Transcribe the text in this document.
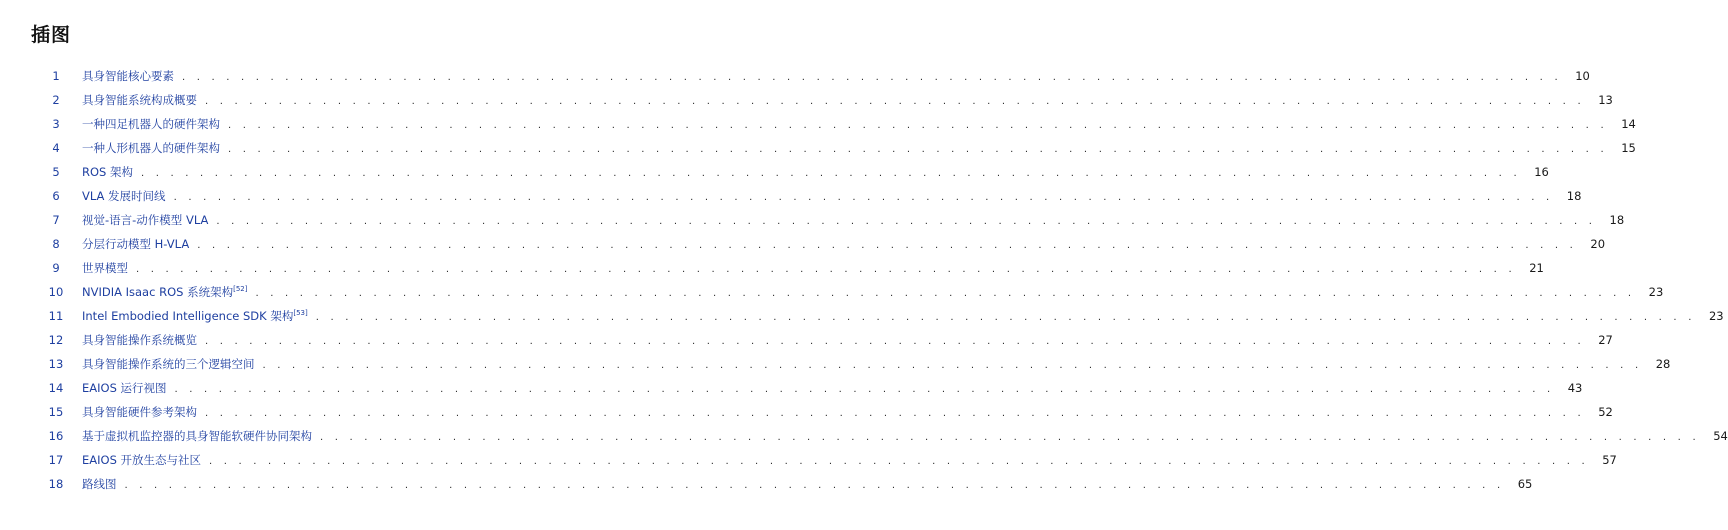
插图
1	具身智能核心要素 . . . . . . . . . . . . . . . . . . . . . . . . . . . . . . . . . . . . . . . . . . . . . . . . . . . . . . . . . . . . . . . . . . . . . . . . . . . . . . . . . . . . . . . . . . . . . .	10
2	具身智能系统构成概要 . . . . . . . . . . . . . . . . . . . . . . . . . . . . . . . . . . . . . . . . . . . . . . . . . . . . . . . . . . . . . . . . . . . . . . . . . . . . . . . . . . . . . . . . . . . . . .	13
3	一种四足机器人的硬件架构 . . . . . . . . . . . . . . . . . . . . . . . . . . . . . . . . . . . . . . . . . . . . . . . . . . . . . . . . . . . . . . . . . . . . . . . . . . . . . . . . . . . . . . . . . . . . . .	14
4	一种人形机器人的硬件架构 . . . . . . . . . . . . . . . . . . . . . . . . . . . . . . . . . . . . . . . . . . . . . . . . . . . . . . . . . . . . . . . . . . . . . . . . . . . . . . . . . . . . . . . . . . . . . .	15
5	ROS 架构 . . . . . . . . . . . . . . . . . . . . . . . . . . . . . . . . . . . . . . . . . . . . . . . . . . . . . . . . . . . . . . . . . . . . . . . . . . . . . . . . . . . . . . . . . . . . . .	16
6	VLA 发展时间线 . . . . . . . . . . . . . . . . . . . . . . . . . . . . . . . . . . . . . . . . . . . . . . . . . . . . . . . . . . . . . . . . . . . . . . . . . . . . . . . . . . . . . . . . . . . . . .	18
7	视觉-语言-动作模型 VLA . . . . . . . . . . . . . . . . . . . . . . . . . . . . . . . . . . . . . . . . . . . . . . . . . . . . . . . . . . . . . . . . . . . . . . . . . . . . . . . . . . . . . . . . . . . . . .	18
8	分层行动模型 H-VLA . . . . . . . . . . . . . . . . . . . . . . . . . . . . . . . . . . . . . . . . . . . . . . . . . . . . . . . . . . . . . . . . . . . . . . . . . . . . . . . . . . . . . . . . . . . . . .	20
9	世界模型 . . . . . . . . . . . . . . . . . . . . . . . . . . . . . . . . . . . . . . . . . . . . . . . . . . . . . . . . . . . . . . . . . . . . . . . . . . . . . . . . . . . . . . . . . . . . . .	21
10 NVIDIA Isaac ROS 系统架构[52] . . . . . . . . . . . . . . . . . . . . . . . . . . . . . . . . . . . . . . . . . . . . . . . . . . . . . . . . . . . . . . . . . . . . . . . . . . . . . . . . . . . . . . . . . . . . . .	23
11 Intel Embodied Intelligence SDK 架构[53] . . . . . . . . . . . . . . . . . . . . . . . . . . . . . . . . . . . . . . . . . . . . . . . . . . . . . . . . . . . . . . . . . . . . . . . . . . . . . . . . . . . . . . . . . . . . . .	23
12 具身智能操作系统概览 . . . . . . . . . . . . . . . . . . . . . . . . . . . . . . . . . . . . . . . . . . . . . . . . . . . . . . . . . . . . . . . . . . . . . . . . . . . . . . . . . . . . . . . . . . . . . .	27
13 具身智能操作系统的三个逻辑空间 . . . . . . . . . . . . . . . . . . . . . . . . . . . . . . . . . . . . . . . . . . . . . . . . . . . . . . . . . . . . . . . . . . . . . . . . . . . . . . . . . . . . . . . . . . . . . .	28
14 EAIOS 运行视图 . . . . . . . . . . . . . . . . . . . . . . . . . . . . . . . . . . . . . . . . . . . . . . . . . . . . . . . . . . . . . . . . . . . . . . . . . . . . . . . . . . . . . . . . . . . . . .	43
15 具身智能硬件参考架构 . . . . . . . . . . . . . . . . . . . . . . . . . . . . . . . . . . . . . . . . . . . . . . . . . . . . . . . . . . . . . . . . . . . . . . . . . . . . . . . . . . . . . . . . . . . . . .	52
16 基于虚拟机监控器的具身智能软硬件协同架构 . . . . . . . . . . . . . . . . . . . . . . . . . . . . . . . . . . . . . . . . . . . . . . . . . . . . . . . . . . . . . . . . . . . . . . . . . . . . . . . . . . . . . . . . . . . . . .	54
17 EAIOS 开放生态与社区 . . . . . . . . . . . . . . . . . . . . . . . . . . . . . . . . . . . . . . . . . . . . . . . . . . . . . . . . . . . . . . . . . . . . . . . . . . . . . . . . . . . . . . . . . . . . . .	57
18 路线图 . . . . . . . . . . . . . . . . . . . . . . . . . . . . . . . . . . . . . . . . . . . . . . . . . . . . . . . . . . . . . . . . . . . . . . . . . . . . . . . . . . . . . . . . . . . . . .	65
